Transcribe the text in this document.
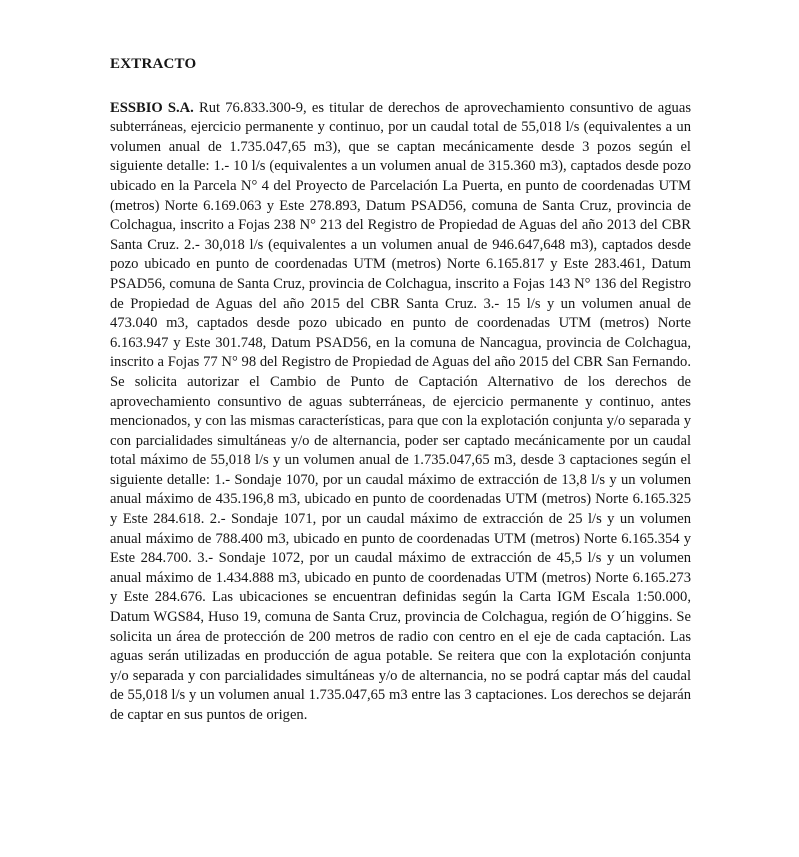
EXTRACTO

ESSBIO S.A. Rut 76.833.300-9, es titular de derechos de aprovechamiento consuntivo de aguas subterráneas, ejercicio permanente y continuo, por un caudal total de 55,018 l/s (equivalentes a un volumen anual de 1.735.047,65 m3), que se captan mecánicamente desde 3 pozos según el siguiente detalle: 1.- 10 l/s (equivalentes a un volumen anual de 315.360 m3), captados desde pozo ubicado en la Parcela N° 4 del Proyecto de Parcelación La Puerta, en punto de coordenadas UTM (metros) Norte 6.169.063 y Este 278.893, Datum PSAD56, comuna de Santa Cruz, provincia de Colchagua, inscrito a Fojas 238 N° 213 del Registro de Propiedad de Aguas del año 2013 del CBR Santa Cruz. 2.- 30,018 l/s (equivalentes a un volumen anual de 946.647,648 m3), captados desde pozo ubicado en punto de coordenadas UTM (metros) Norte 6.165.817 y Este 283.461, Datum PSAD56, comuna de Santa Cruz, provincia de Colchagua, inscrito a Fojas 143 N° 136 del Registro de Propiedad de Aguas del año 2015 del CBR Santa Cruz. 3.- 15 l/s y un volumen anual de 473.040 m3, captados desde pozo ubicado en punto de coordenadas UTM (metros) Norte 6.163.947 y Este 301.748, Datum PSAD56, en la comuna de Nancagua, provincia de Colchagua, inscrito a Fojas 77 N° 98 del Registro de Propiedad de Aguas del año 2015 del CBR San Fernando. Se solicita autorizar el Cambio de Punto de Captación Alternativo de los derechos de aprovechamiento consuntivo de aguas subterráneas, de ejercicio permanente y continuo, antes mencionados, y con las mismas características, para que con la explotación conjunta y/o separada y con parcialidades simultáneas y/o de alternancia, poder ser captado mecánicamente por un caudal total máximo de 55,018 l/s y un volumen anual de 1.735.047,65 m3, desde 3 captaciones según el siguiente detalle: 1.- Sondaje 1070, por un caudal máximo de extracción de 13,8 l/s y un volumen anual máximo de 435.196,8 m3, ubicado en punto de coordenadas UTM (metros) Norte 6.165.325 y Este 284.618. 2.- Sondaje 1071, por un caudal máximo de extracción de 25 l/s y un volumen anual máximo de 788.400 m3, ubicado en punto de coordenadas UTM (metros) Norte 6.165.354 y Este 284.700. 3.- Sondaje 1072, por un caudal máximo de extracción de 45,5 l/s y un volumen anual máximo de 1.434.888 m3, ubicado en punto de coordenadas UTM (metros) Norte 6.165.273 y Este 284.676. Las ubicaciones se encuentran definidas según la Carta IGM Escala 1:50.000, Datum WGS84, Huso 19, comuna de Santa Cruz, provincia de Colchagua, región de O´higgins. Se solicita un área de protección de 200 metros de radio con centro en el eje de cada captación. Las aguas serán utilizadas en producción de agua potable. Se reitera que con la explotación conjunta y/o separada y con parcialidades simultáneas y/o de alternancia, no se podrá captar más del caudal de 55,018 l/s y un volumen anual 1.735.047,65 m3 entre las 3 captaciones. Los derechos se dejarán de captar en sus puntos de origen.
